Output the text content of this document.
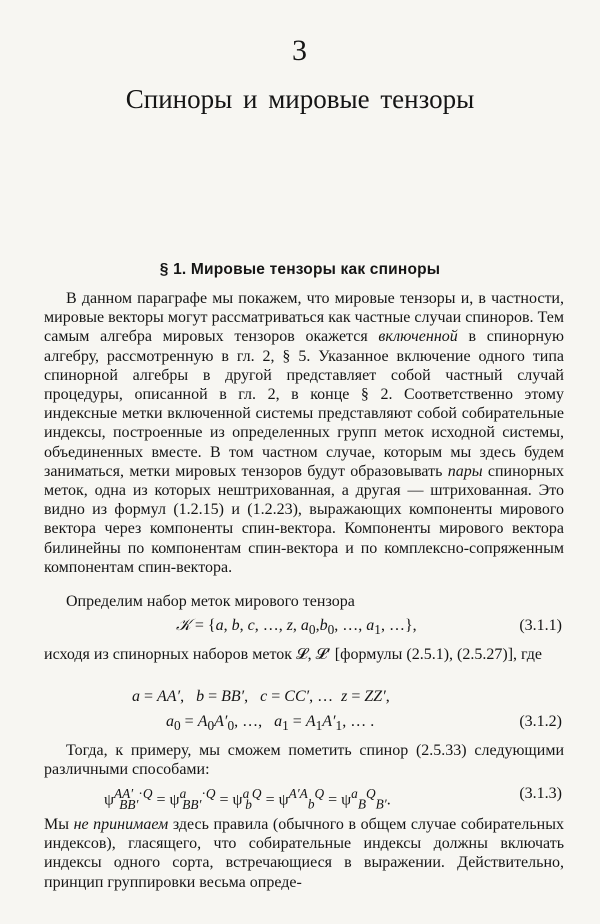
3
Спиноры и мировые тензоры
§ 1. Мировые тензоры как спиноры

В данном параграфе мы покажем, что мировые тензоры и, в частности, мировые векторы могут рассматриваться как частные случаи спиноров. Тем самым алгебра мировых тензоров окажется включенной в спинорную алгебру, рассмотренную в гл. 2, § 5. Указанное включение одного типа спинорной алгебры в другой представляет собой частный случай процедуры, описанной в гл. 2, в конце § 2. Соответственно этому индексные метки включенной системы представляют собой собирательные индексы, построенные из определенных групп меток исходной системы, объединенных вместе. В том частном случае, которым мы здесь будем заниматься, метки мировых тензоров будут образовывать пары спинорных меток, одна из которых нештрихованная, а другая — штрихованная. Это видно из формул (1.2.15) и (1.2.23), выражающих компоненты мирового вектора через компоненты спин-вектора. Компоненты мирового вектора билинейны по компонентам спин-вектора и по комплексно-сопряженным компонентам спин-вектора.

Определим набор меток мирового тензора

𝒦 = {a, b, c, …, z, $a_0,b_0$, …, $a_1$, …},	(3.1.1)

исходя из спинорных наборов меток 𝓛, 𝓛′ [формулы (2.5.1), (2.5.27)], где

a = AA′,   b = BB′,   c = CC′, …  z = ZZ′,
$a_0 = A_0A'_0$, …,   $a_1 = A_1A'_1$, … .	(3.1.2)

Тогда, к примеру, мы сможем пометить спинор (2.5.33) следующими различными способами:

$\psi^{AA'}_{BB'}^{\cdot Q} = \psi^a_{BB'}^{\cdot Q} = \psi^a_b^Q = \psi^{A'A}_b^Q = \psi^a_B^Q_{B'}$.	(3.1.3)

Мы не принимаем здесь правила (обычного в общем случае собирательных индексов), гласящего, что собирательные индексы должны включать индексы одного сорта, встречающиеся в выражении. Действительно, принцип группировки весьма опреде-
